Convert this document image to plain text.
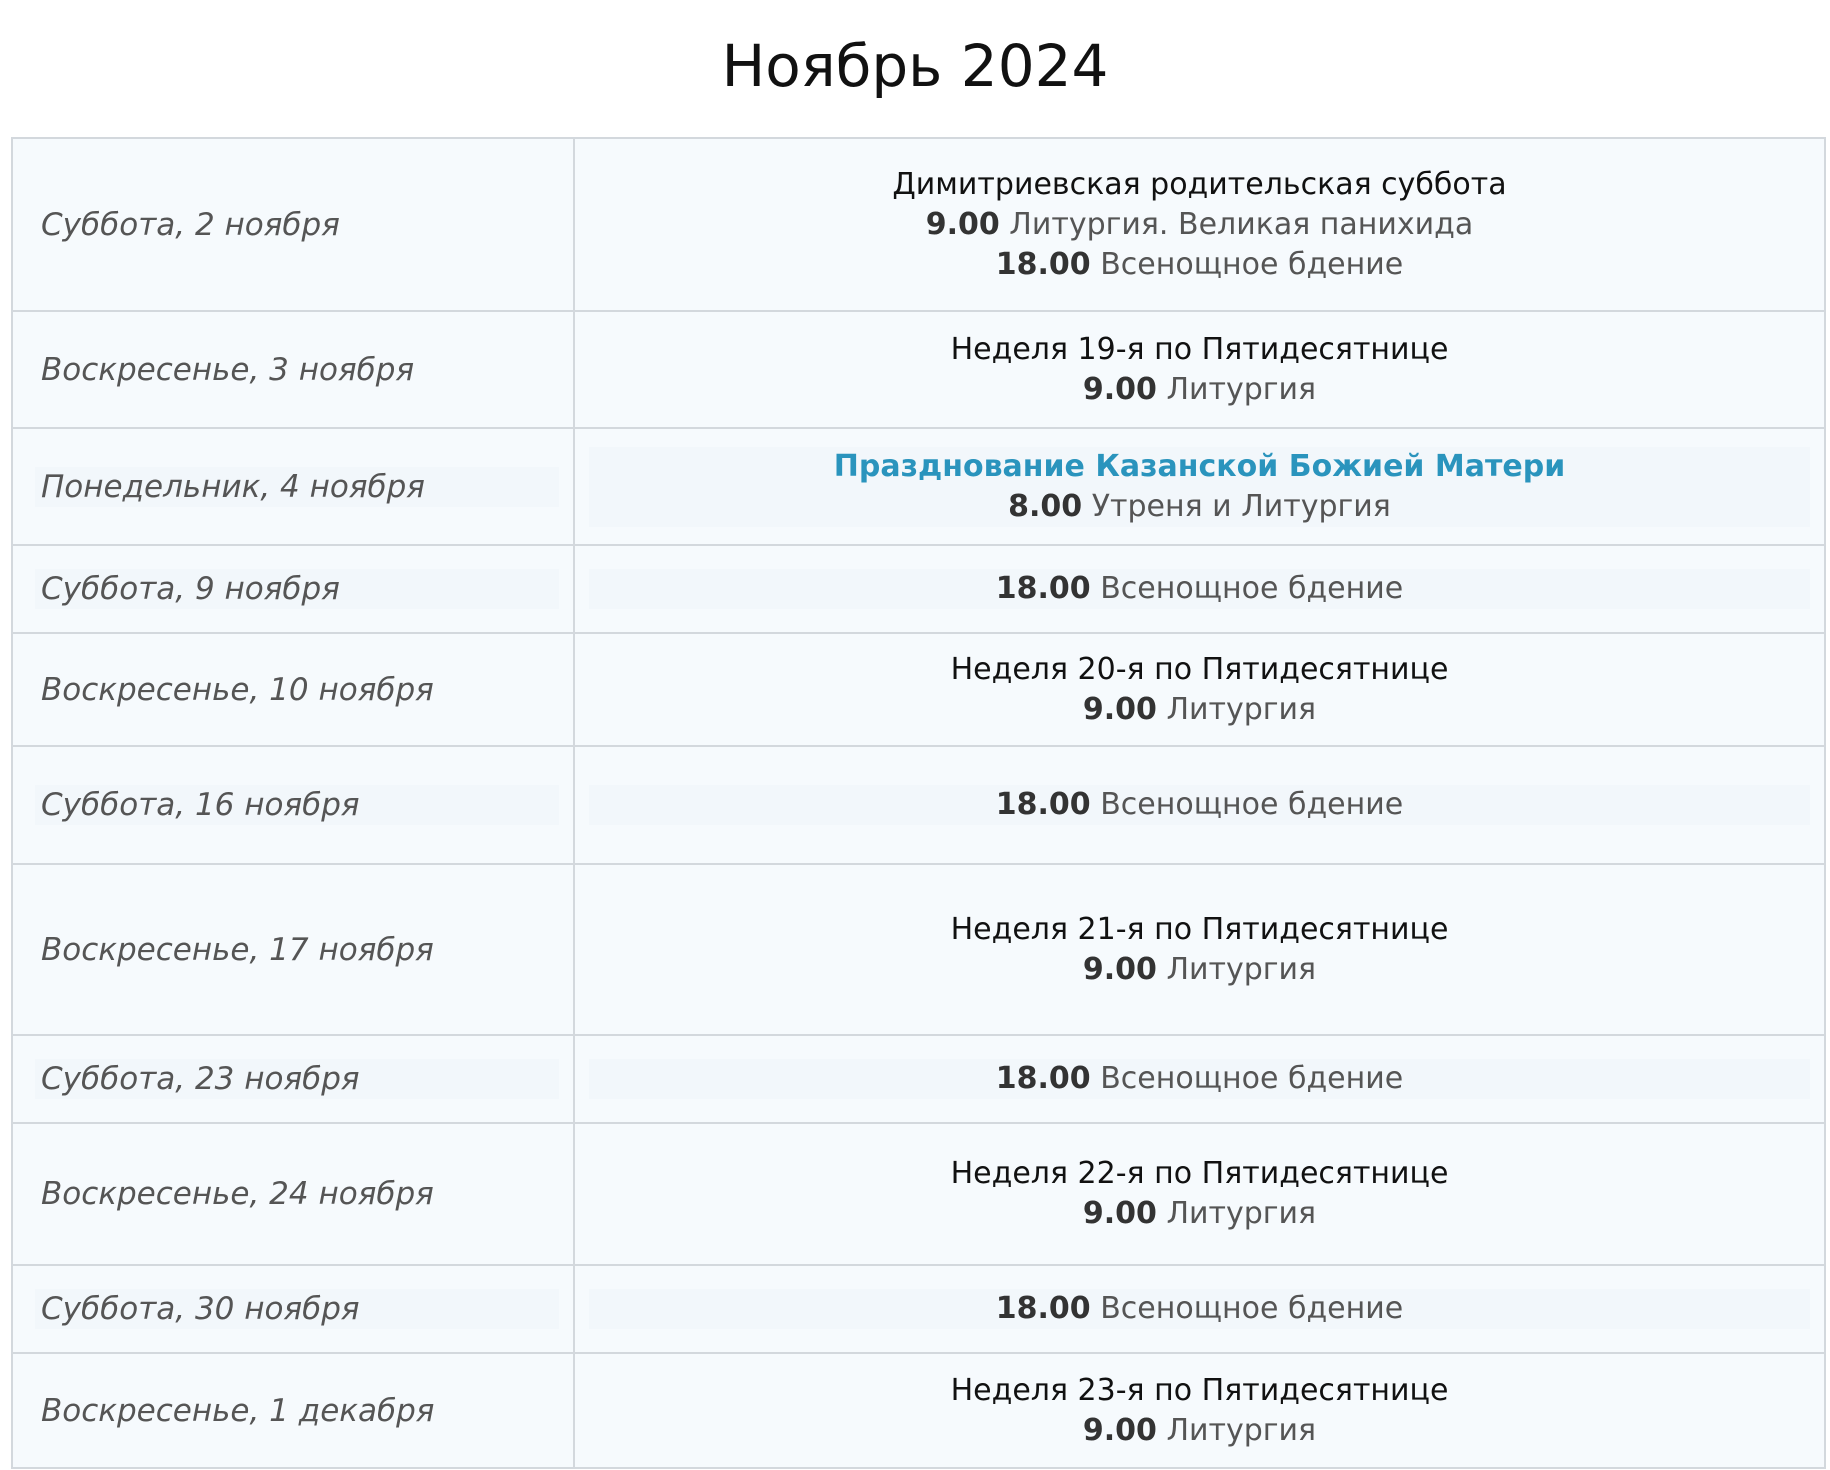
Ноябрь 2024
Суббота, 2 ноября	Димитриевская родительская суббота
9.00 Литургия. Великая панихида
18.00 Всенощное бдение

Воскресенье, 3 ноября	Неделя 19-я по Пятидесятнице
9.00 Литургия

Понедельник, 4 ноября	Празднование Казанской Божией Матери
8.00 Утреня и Литургия

Суббота, 9 ноября	18.00 Всенощное бдение

Воскресенье, 10 ноября	Неделя 20-я по Пятидесятнице
9.00 Литургия

Суббота, 16 ноября	18.00 Всенощное бдение

Воскресенье, 17 ноября	Неделя 21-я по Пятидесятнице
9.00 Литургия

Суббота, 23 ноября	18.00 Всенощное бдение

Воскресенье, 24 ноября	Неделя 22-я по Пятидесятнице
9.00 Литургия

Суббота, 30 ноября	18.00 Всенощное бдение

Воскресенье, 1 декабря	Неделя 23-я по Пятидесятнице
9.00 Литургия
